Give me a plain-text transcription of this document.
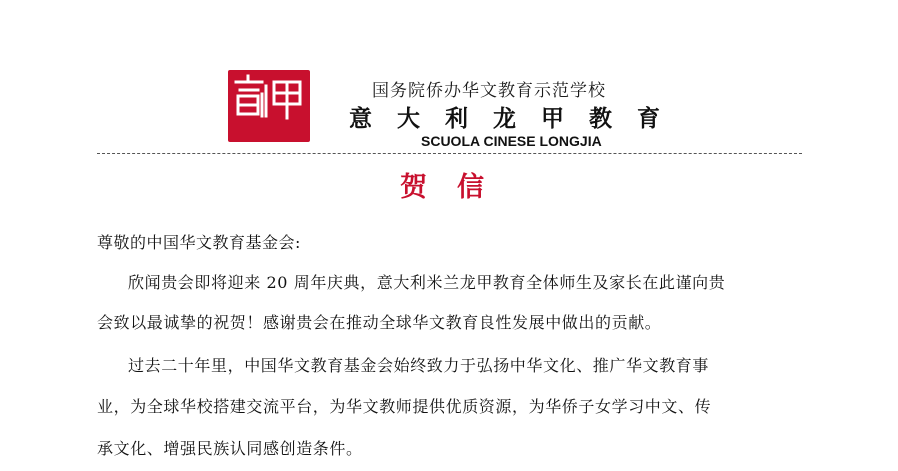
国务院侨办华文教育示范学校
意大利龙甲教育
SCUOLA CINESE LONGJIA
贺信
尊敬的中国华文教育基金会:
欣闻贵会即将迎来 20 周年庆典，意大利米兰龙甲教育全体师生及家长在此谨向贵
会致以最诚挚的祝贺！感谢贵会在推动全球华文教育良性发展中做出的贡献。
过去二十年里，中国华文教育基金会始终致力于弘扬中华文化、推广华文教育事
业，为全球华校搭建交流平台，为华文教师提供优质资源，为华侨子女学习中文、传
承文化、增强民族认同感创造条件。
